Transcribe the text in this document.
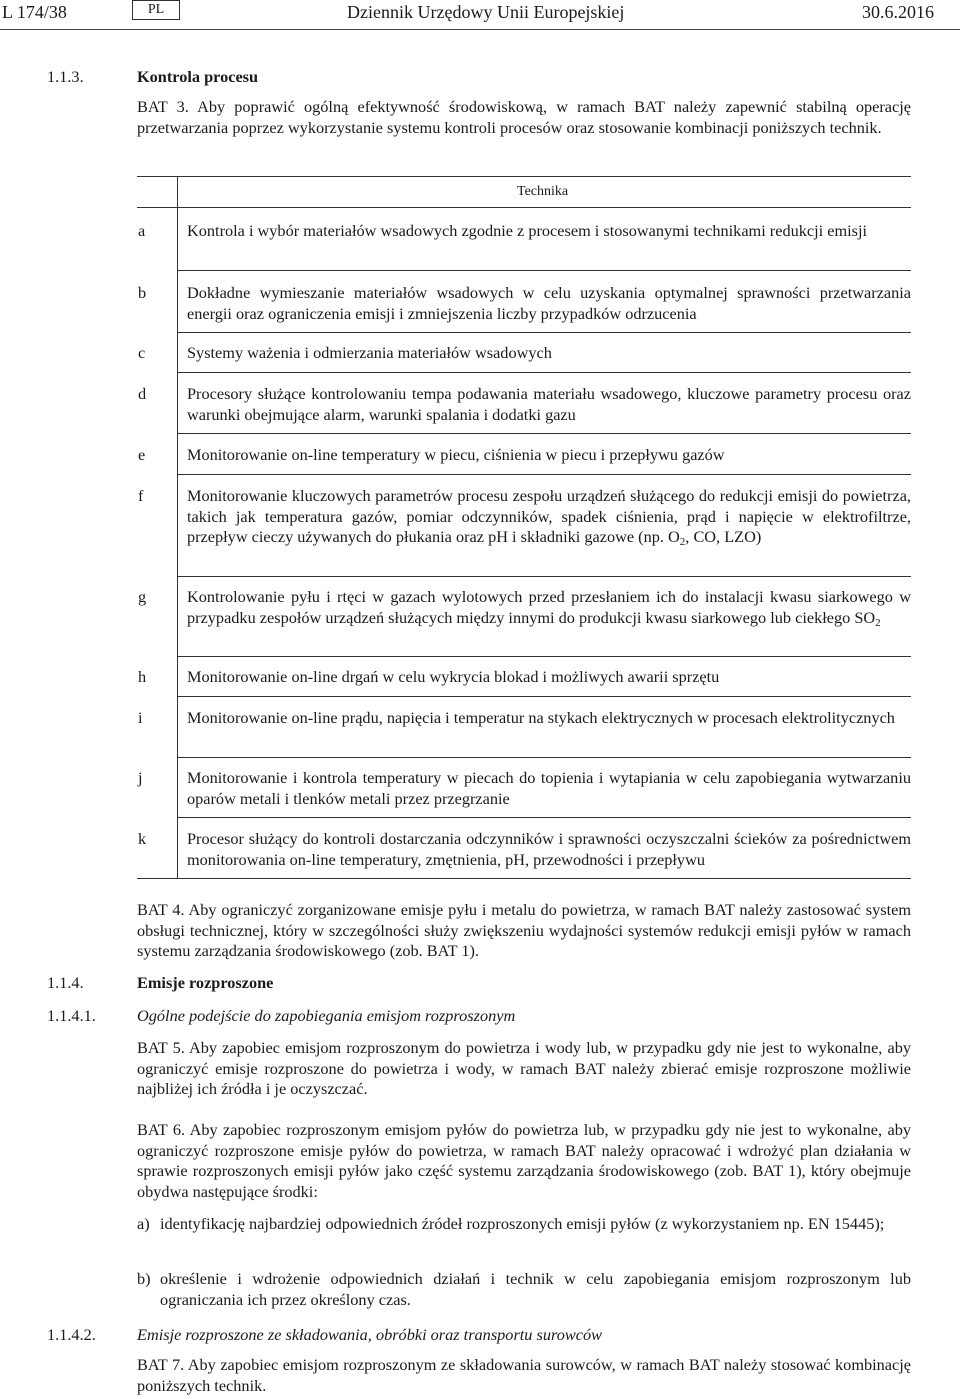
L 174/38	PL	Dziennik Urzędowy Unii Europejskiej	30.6.2016
1.1.3.	Kontrola procesu
BAT 3. Aby poprawić ogólną efektywność środowiskową, w ramach BAT należy zapewnić stabilną operację przetwarzania poprzez wykorzystanie systemu kontroli procesów oraz stosowanie kombinacji poniższych technik.
Technika
a	Kontrola i wybór materiałów wsadowych zgodnie z procesem i stosowanymi technikami redukcji emisji
b	Dokładne wymieszanie materiałów wsadowych w celu uzyskania optymalnej sprawności przetwarzania energii oraz ograniczenia emisji i zmniejszenia liczby przypadków odrzucenia
c	Systemy ważenia i odmierzania materiałów wsadowych
d	Procesory służące kontrolowaniu tempa podawania materiału wsadowego, kluczowe parametry procesu oraz warunki obejmujące alarm, warunki spalania i dodatki gazu
e	Monitorowanie on-line temperatury w piecu, ciśnienia w piecu i przepływu gazów
f	Monitorowanie kluczowych parametrów procesu zespołu urządzeń służącego do redukcji emisji do powietrza, takich jak temperatura gazów, pomiar odczynników, spadek ciśnienia, prąd i napięcie w elektrofiltrze, przepływ cieczy używanych do płukania oraz pH i składniki gazowe (np. $O_2$, CO, LZO)
g	Kontrolowanie pyłu i rtęci w gazach wylotowych przed przesłaniem ich do instalacji kwasu siarkowego w przypadku zespołów urządzeń służących między innymi do produkcji kwasu siarkowego lub ciekłego $SO_2$
h	Monitorowanie on-line drgań w celu wykrycia blokad i możliwych awarii sprzętu
i	Monitorowanie on-line prądu, napięcia i temperatur na stykach elektrycznych w procesach elektrolitycznych
j	Monitorowanie i kontrola temperatury w piecach do topienia i wytapiania w celu zapobiegania wytwarzaniu oparów metali i tlenków metali przez przegrzanie
k	Procesor służący do kontroli dostarczania odczynników i sprawności oczyszczalni ścieków za pośrednictwem monitorowania on-line temperatury, zmętnienia, pH, przewodności i przepływu
BAT 4. Aby ograniczyć zorganizowane emisje pyłu i metalu do powietrza, w ramach BAT należy zastosować system obsługi technicznej, który w szczególności służy zwiększeniu wydajności systemów redukcji emisji pyłów w ramach systemu zarządzania środowiskowego (zob. BAT 1).
1.1.4.	Emisje rozproszone
1.1.4.1.	Ogólne podejście do zapobiegania emisjom rozproszonym
BAT 5. Aby zapobiec emisjom rozproszonym do powietrza i wody lub, w przypadku gdy nie jest to wykonalne, aby ograniczyć emisje rozproszone do powietrza i wody, w ramach BAT należy zbierać emisje rozproszone możliwie najbliżej ich źródła i je oczyszczać.
BAT 6. Aby zapobiec rozproszonym emisjom pyłów do powietrza lub, w przypadku gdy nie jest to wykonalne, aby ograniczyć rozproszone emisje pyłów do powietrza, w ramach BAT należy opracować i wdrożyć plan działania w sprawie rozproszonych emisji pyłów jako część systemu zarządzania środowiskowego (zob. BAT 1), który obejmuje obydwa następujące środki:
a) identyfikację najbardziej odpowiednich źródeł rozproszonych emisji pyłów (z wykorzystaniem np. EN 15445);
b) określenie i wdrożenie odpowiednich działań i technik w celu zapobiegania emisjom rozproszonym lub ograniczania ich przez określony czas.
1.1.4.2.	Emisje rozproszone ze składowania, obróbki oraz transportu surowców
BAT 7. Aby zapobiec emisjom rozproszonym ze składowania surowców, w ramach BAT należy stosować kombinację poniższych technik.
